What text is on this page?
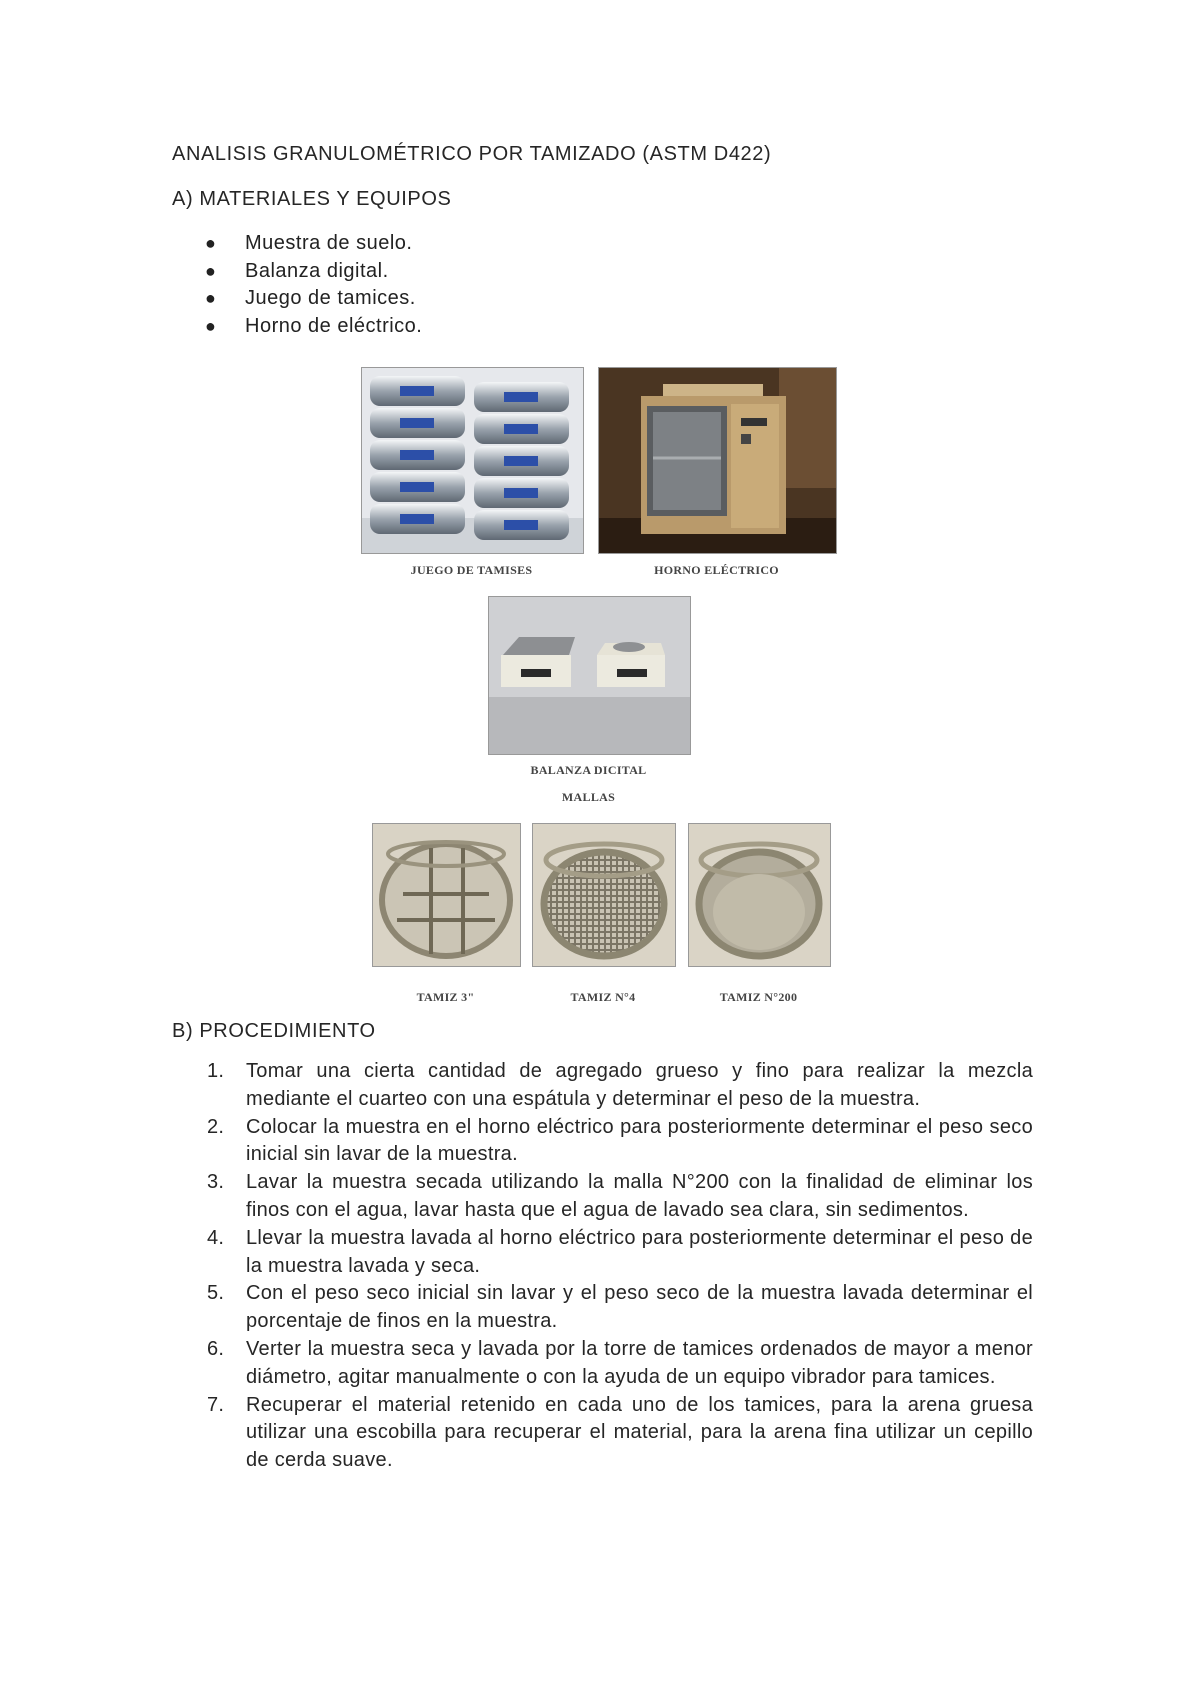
ANALISIS GRANULOMÉTRICO POR TAMIZADO (ASTM D422)
A) MATERIALES Y EQUIPOS
● Muestra de suelo.
● Balanza digital.
● Juego de tamices.
● Horno de eléctrico.
JUEGO DE TAMISES	HORNO ELÉCTRICO
BALANZA DICITAL
MALLAS
TAMIZ 3"	TAMIZ N°4	TAMIZ N°200
B) PROCEDIMIENTO
1. Tomar una cierta cantidad de agregado grueso y fino para realizar la mezcla mediante el cuarteo con una espátula y determinar el peso de la muestra.
2. Colocar la muestra en el horno eléctrico para posteriormente determinar el peso seco inicial sin lavar de la muestra.
3. Lavar la muestra secada utilizando la malla N°200 con la finalidad de eliminar los finos con el agua, lavar hasta que el agua de lavado sea clara, sin sedimentos.
4. Llevar la muestra lavada al horno eléctrico para posteriormente determinar el peso de la muestra lavada y seca.
5. Con el peso seco inicial sin lavar y el peso seco de la muestra lavada determinar el porcentaje de finos en la muestra.
6. Verter la muestra seca y lavada por la torre de tamices ordenados de mayor a menor diámetro, agitar manualmente o con la ayuda de un equipo vibrador para tamices.
7. Recuperar el material retenido en cada uno de los tamices, para la arena gruesa utilizar una escobilla para recuperar el material, para la arena fina utilizar un cepillo de cerda suave.
